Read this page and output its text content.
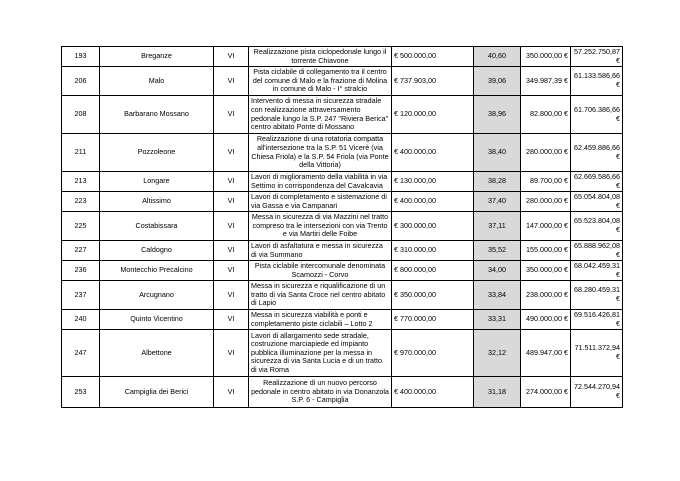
193	Breganze	VI	Realizzazione pista ciclopedonale lungo il torrente Chiavone	€ 500.000,00	40,60	350.000,00 €	57.252.750,87 €
206	Malo	VI	Pista ciclabile di collegamento tra il centro del comune di Malo e la frazione di Molina in comune di Malo - I° stralcio	€ 737.903,00	39,06	349.987,39 €	61.133.586,66 €
208	Barbarano Mossano	VI	Intervento di messa in sicurezza stradale con realizzazione attraversamento pedonale lungo la S.P. 247 "Riviera Berica" centro abitato Ponte di Mossano	€ 120.000,00	38,96	82.800,00 €	61.706.386,66 €
211	Pozzoleone	VI	Realizzazione di una rotatoria compatta all'intersezione tra la S.P. 51 Vicerè (via Chiesa Friola) e la S.P. 54 Friola (via Ponte della Vittoria)	€ 400.000,00	38,40	280.000,00 €	62.459.886,66 €
213	Longare	VI	Lavori di miglioramento della viabilità in via Settimo in corrispondenza del Cavalcavia	€ 130.000,00	38,28	89.700,00 €	62.669.586,66 €
223	Altissimo	VI	Lavori di completamento e sistemazione di via Gassa e via Campanari	€ 400.000,00	37,40	280.000,00 €	65.054.804,08 €
225	Costabissara	VI	Messa in sicurezza di via Mazzini nel tratto compreso tra le intersezioni con via Trento e via Martiri delle Foibe	€ 300.000,00	37,11	147.000,00 €	65.523.804,08 €
227	Caldogno	VI	Lavori di asfaltatura e messa in sicurezza di via Summano	€ 310.000,00	35,52	155.000,00 €	65.888.962,08 €
236	Montecchio Precalcino	VI	Pista ciclabile intercomunale denominata Scamozzi - Corvo	€ 800.000,00	34,00	350.000,00 €	68.042.459,31 €
237	Arcugnano	VI	Messa in sicurezza e riqualificazione di un tratto di via Santa Croce nel centro abitato di Lapio	€ 350.000,00	33,84	238.000,00 €	68.280.459,31 €
240	Quinto Vicentino	VI	Messa in sicurezza viabilità e ponti e completamento piste ciclabili – Lotto 2	€ 770.000,00	33,31	490.000,00 €	69.516.426,81 €
247	Albettone	VI	Lavori di allargamento sede stradale, costruzione marciapiede ed impianto pubblica illuminazione per la messa in sicurezza di via Santa Lucia e di un tratto di via Roma	€ 970.000,00	32,12	489.947,00 €	71.511.372,94 €
253	Campiglia dei Berici	VI	Realizzazione di un nuovo percorso pedonale in centro abitato in via Donanzola S.P. 6 - Campiglia	€ 400.000,00	31,18	274.000,00 €	72.544.270,94 €
